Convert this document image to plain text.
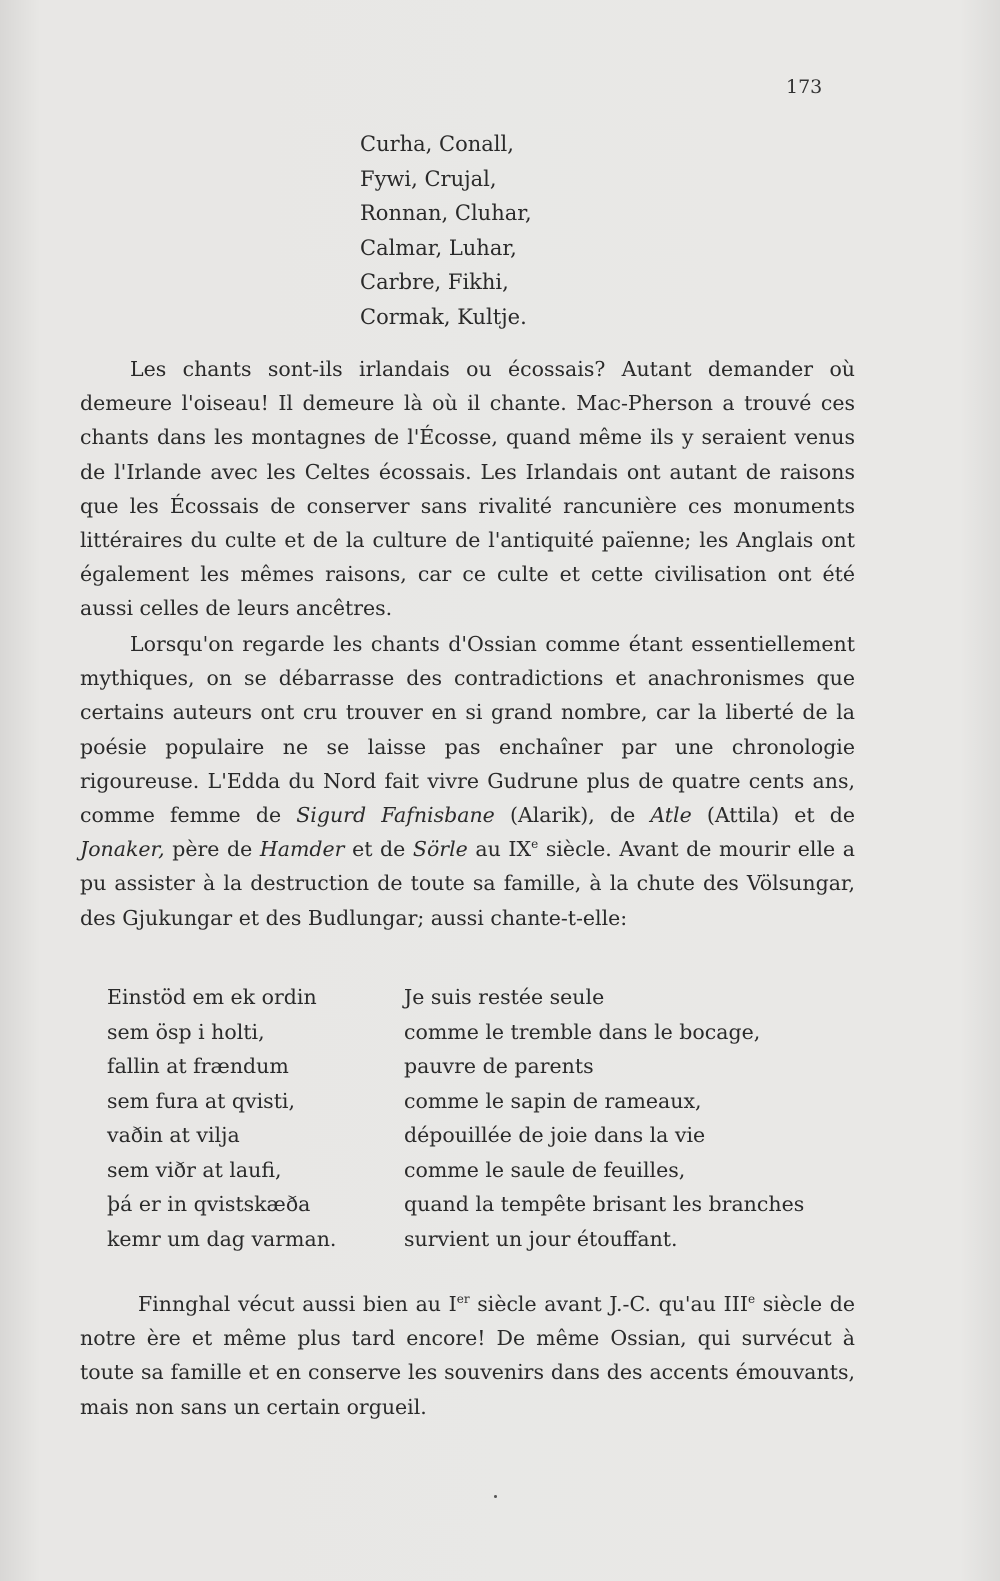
173
Curha, Conall,
Fywi, Crujal,
Ronnan, Cluhar,
Calmar, Luhar,
Carbre, Fikhi,
Cormak, Kultje.

Les chants sont-ils irlandais ou écossais? Autant demander où demeure l'oiseau! Il demeure là où il chante. Mac-Pherson a trouvé ces chants dans les montagnes de l'Écosse, quand même ils y seraient venus de l'Irlande avec les Celtes écossais. Les Irlandais ont autant de raisons que les Écossais de conserver sans rivalité rancunière ces monuments littéraires du culte et de la culture de l'antiquité païenne; les Anglais ont également les mêmes raisons, car ce culte et cette civilisation ont été aussi celles de leurs ancêtres.

Lorsqu'on regarde les chants d'Ossian comme étant essentiellement mythiques, on se débarrasse des contradictions et anachronismes que certains auteurs ont cru trouver en si grand nombre, car la liberté de la poésie populaire ne se laisse pas enchaîner par une chronologie rigoureuse. L'Edda du Nord fait vivre Gudrune plus de quatre cents ans, comme femme de Sigurd Fafnisbane (Alarik), de Atle (Attila) et de Jonaker, père de Hamder et de Sörle au IXe siècle. Avant de mourir elle a pu assister à la destruction de toute sa famille, à la chute des Völsungar, des Gjukungar et des Budlungar; aussi chante-t-elle:

Einstöd em ek ordin
sem ösp i holti,
fallin at frændum
sem fura at qvisti,
vaðin at vilja
sem viðr at laufi,
þá er in qvistskæða
kemr um dag varman.
Je suis restée seule
comme le tremble dans le bocage,
pauvre de parents
comme le sapin de rameaux,
dépouillée de joie dans la vie
comme le saule de feuilles,
quand la tempête brisant les branches
survient un jour étouffant.

Finnghal vécut aussi bien au Ier siècle avant J.-C. qu'au IIIe siècle de notre ère et même plus tard encore! De même Ossian, qui survécut à toute sa famille et en conserve les souvenirs dans des accents émouvants, mais non sans un certain orgueil.
